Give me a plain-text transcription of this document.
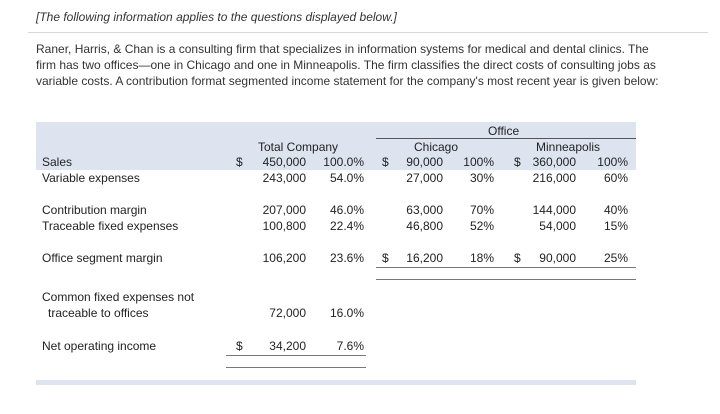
[The following information applies to the questions displayed below.]
Raner, Harris, & Chan is a consulting firm that specializes in information systems for medical and dental clinics. The firm has two offices—one in Chicago and one in Minneapolis. The firm classifies the direct costs of consulting jobs as variable costs. A contribution format segmented income statement for the company's most recent year is given below:
Office
Total Company	Chicago	Minneapolis
Sales	$	450,000	100.0% $	90,000	100% $ 360,000	100%
Variable expenses	243,000	54.0%	27,000	30%	216,000	60%
Contribution margin	207,000	46.0%	63,000	70%	144,000	40%
Traceable fixed expenses	100,800	22.4%	46,800	52%	54,000	15%
Office segment margin	106,200	23.6% $	16,200	18% $	90,000	25%
Common fixed expenses not
traceable to offices	72,000	16.0%
Net operating income	$	34,200	7.6%
